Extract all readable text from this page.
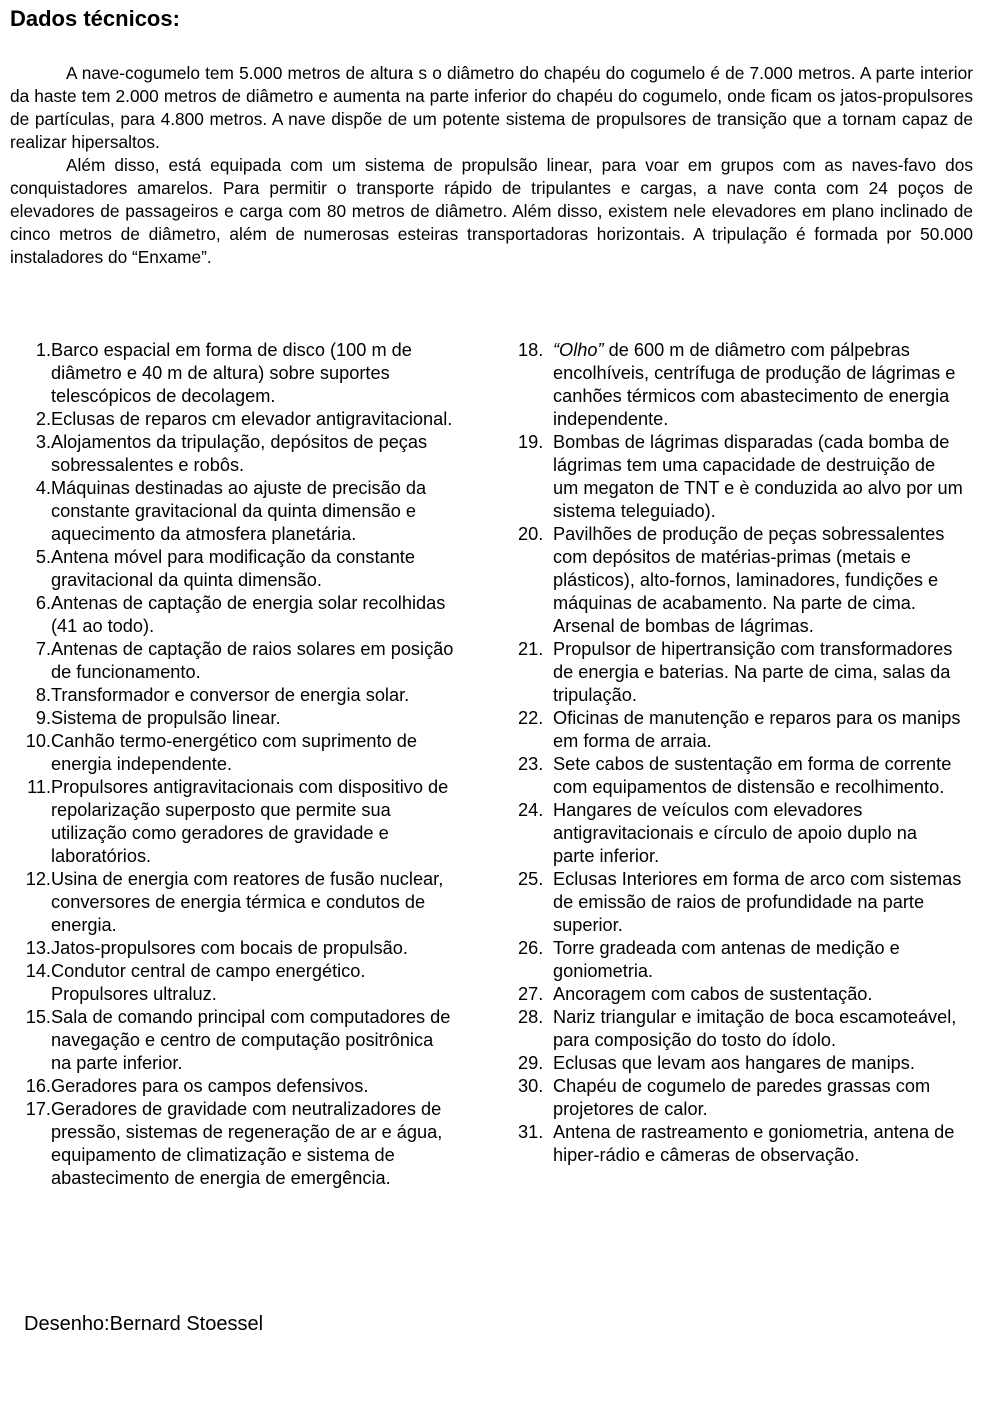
Dados técnicos:

A nave-cogumelo tem 5.000 metros de altura s o diâmetro do chapéu do cogumelo é de 7.000 metros. A parte interior da haste tem 2.000 metros de diâmetro e aumenta na parte inferior do chapéu do cogumelo, onde ficam os jatos-propulsores de partículas, para 4.800 metros. A nave dispõe de um potente sistema de propulsores de transição que a tornam capaz de realizar hipersaltos.

Além disso, está equipada com um sistema de propulsão linear, para voar em grupos com as naves-favo dos conquistadores amarelos. Para permitir o transporte rápido de tripulantes e cargas, a nave conta com 24 poços de elevadores de passageiros e carga com 80 metros de diâmetro. Além disso, existem nele elevadores em plano inclinado de cinco metros de diâmetro, além de numerosas esteiras transportadoras horizontais. A tripulação é formada por 50.000 instaladores do “Enxame”.

1. Barco espacial em forma de disco (100 m de diâmetro e 40 m de altura) sobre suportes telescópicos de decolagem.
2. Eclusas de reparos cm elevador antigravitacional.
3. Alojamentos da tripulação, depósitos de peças sobressalentes e robôs.
4. Máquinas destinadas ao ajuste de precisão da constante gravitacional da quinta dimensão e aquecimento da atmosfera planetária.
5. Antena móvel para modificação da constante gravitacional da quinta dimensão.
6. Antenas de captação de energia solar recolhidas (41 ao todo).
7. Antenas de captação de raios solares em posição de funcionamento.
8. Transformador e conversor de energia solar.
9. Sistema de propulsão linear.
10. Canhão termo-energético com suprimento de energia independente.
11. Propulsores antigravitacionais com dispositivo de repolarização superposto que permite sua utilização como geradores de gravidade e laboratórios.
12. Usina de energia com reatores de fusão nuclear, conversores de energia térmica e condutos de energia.
13. Jatos-propulsores com bocais de propulsão.
14. Condutor central de campo energético. Propulsores ultraluz.
15. Sala de comando principal com computadores de navegação e centro de computação positrônica na parte inferior.
16. Geradores para os campos defensivos.
17. Geradores de gravidade com neutralizadores de pressão, sistemas de regeneração de ar e água, equipamento de climatização e sistema de abastecimento de energia de emergência.
18. “Olho” de 600 m de diâmetro com pálpebras encolhíveis, centrífuga de produção de lágrimas e canhões térmicos com abastecimento de energia independente.
19. Bombas de lágrimas disparadas (cada bomba de lágrimas tem uma capacidade de destruição de um megaton de TNT e è conduzida ao alvo por um sistema teleguiado).
20. Pavilhões de produção de peças sobressalentes com depósitos de matérias-primas (metais e plásticos), alto-fornos, laminadores, fundições e máquinas de acabamento. Na parte de cima. Arsenal de bombas de lágrimas.
21. Propulsor de hipertransição com transformadores de energia e baterias. Na parte de cima, salas da tripulação.
22. Oficinas de manutenção e reparos para os manips em forma de arraia.
23. Sete cabos de sustentação em forma de corrente com equipamentos de distensão e recolhimento.
24. Hangares de veículos com elevadores antigravitacionais e círculo de apoio duplo na parte inferior.
25. Eclusas Interiores em forma de arco com sistemas de emissão de raios de profundidade na parte superior.
26. Torre gradeada com antenas de medição e goniometria.
27. Ancoragem com cabos de sustentação.
28. Nariz triangular e imitação de boca escamoteável, para composição do tosto do ídolo.
29. Eclusas que levam aos hangares de manips.
30. Chapéu de cogumelo de paredes grassas com projetores de calor.
31. Antena de rastreamento e goniometria, antena de hiper-rádio e câmeras de observação.
Desenho:Bernard Stoessel
